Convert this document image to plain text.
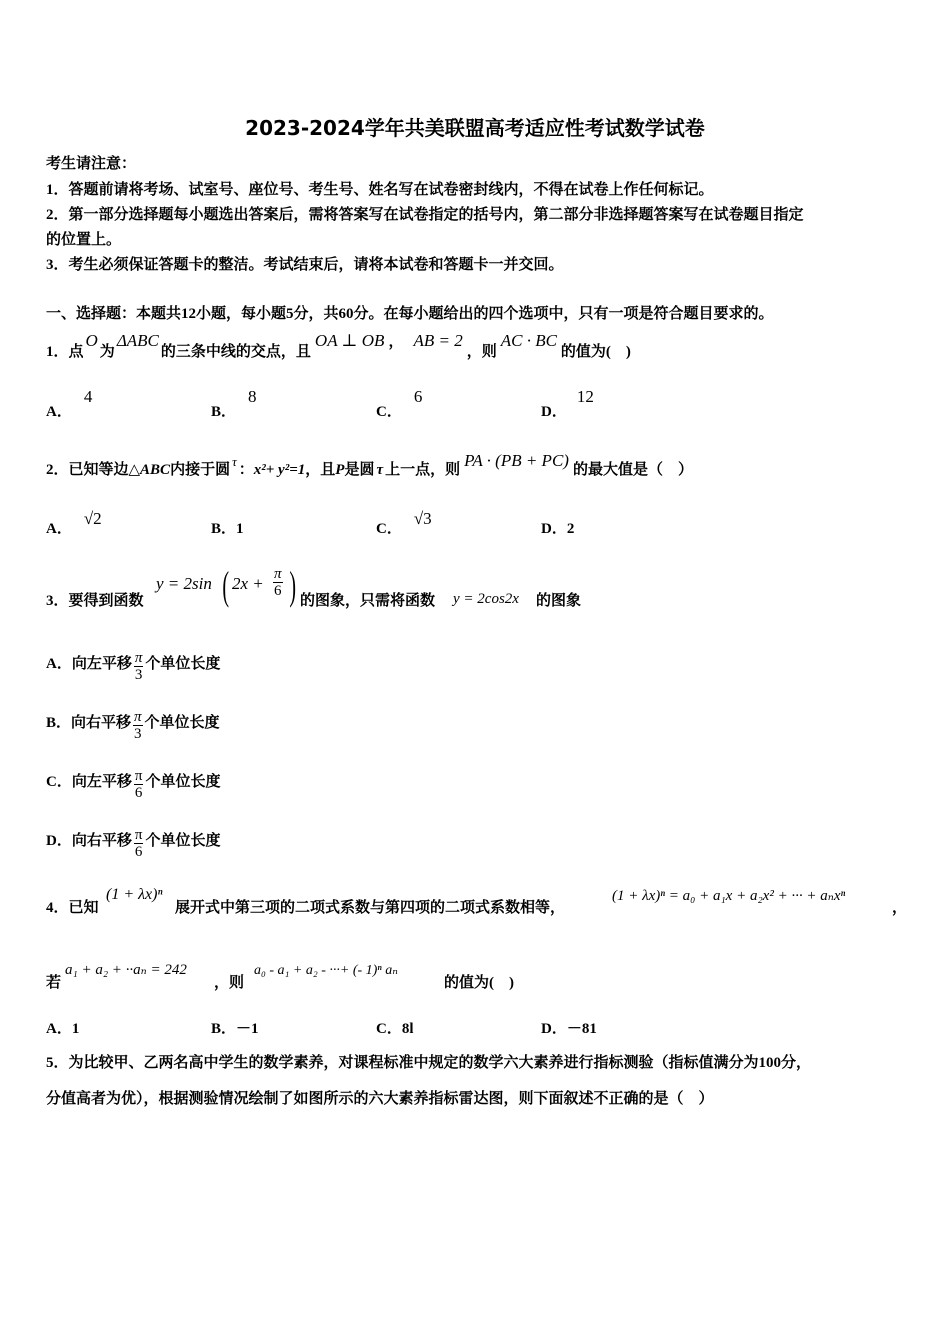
2023-2024学年共美联盟高考适应性考试数学试卷
考生请注意：
1．答题前请将考场、试室号、座位号、考生号、姓名写在试卷密封线内，不得在试卷上作任何标记。
2．第一部分选择题每小题选出答案后，需将答案写在试卷指定的括号内，第二部分非选择题答案写在试卷题目指定
的位置上。
3．考生必须保证答题卡的整洁。考试结束后，请将本试卷和答题卡一并交回。
一、选择题：本题共12小题，每小题5分，共60分。在每小题给出的四个选项中，只有一项是符合题目要求的。
1．点O为ΔABC的三条中线的交点，且OA ⊥ OB ， AB = 2，则AC · BC的值为(　)
A．4
B．8
C．6
D．12
2．已知等边△ABC内接于圆τ：x²+ y²=1，且P是圆 τ 上一点，则 PA · (PB + PC) 的最大值是（　）
A．√2
B．1	C．√3
D．2
3．要得到函数
y = 2sin ( $2x + \frac{\pi}{6}$ ) 的图象，只需将函数 y = 2cos2x 的图象
A．向左平移 $\frac{\pi}{3}$ 个单位长度
B．向右平移 $\frac{\pi}{3}$ 个单位长度
C．向左平移 $\frac{\pi}{6}$ 个单位长度
D．向右平移 $\frac{\pi}{6}$ 个单位长度
4．已知
(1 + λx)ⁿ
展开式中第三项的二项式系数与第四项的二项式系数相等，
(1 + λx)ⁿ = a₀ + a₁x + a₂x² + ··· + aₙxⁿ
，
若
a₁ + a₂ + ··aₙ = 242
，则
a₀ - a₁ + a₂ - ···+ (- 1)ⁿ aₙ
的值为(　)
A．1	B．－1	C．8l	D．－81
5．为比较甲、乙两名高中学生的数学素养，对课程标准中规定的数学六大素养进行指标测验（指标值满分为100分，
分值高者为优），根据测验情况绘制了如图所示的六大素养指标雷达图，则下面叙述不正确的是（　）
